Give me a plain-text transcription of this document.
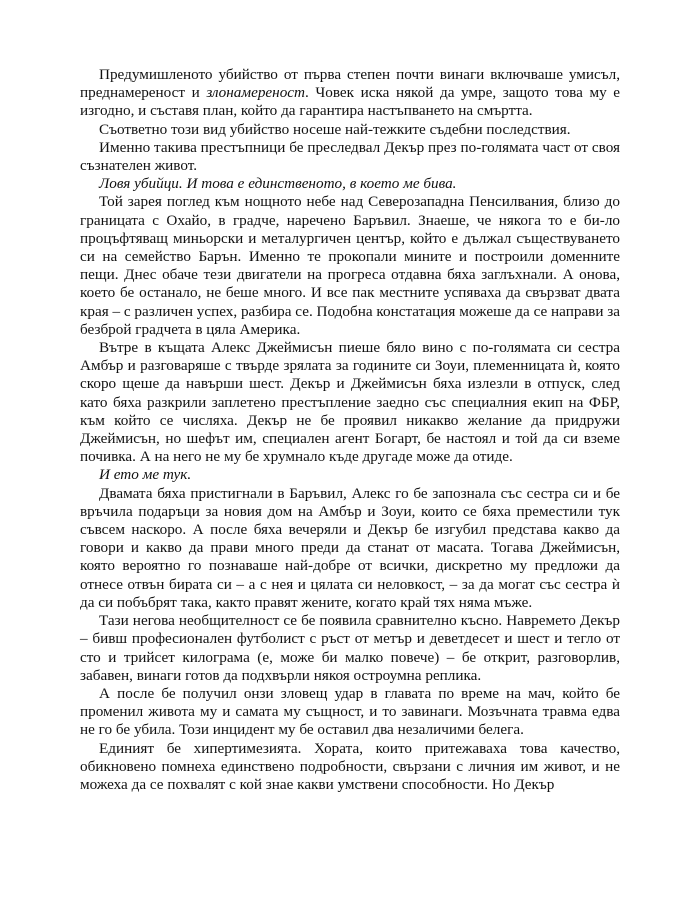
Предумишленото убийство от първа степен почти винаги включваше умисъл, преднамереност и злонамереност. Човек иска някой да умре, защото това му е изгодно, и съставя план, който да гарантира настъпването на смъртта.

Съответно този вид убийство носеше най-тежките съдебни последствия.

Именно такива престъпници бе преследвал Декър през по-голямата част от своя съзнателен живот.

Ловя убийци. И това е единственото, в което ме бива.

Той зарея поглед към нощното небе над Северозападна Пенсилвания, близо до границата с Охайо, в градче, наречено Баръвил. Знаеше, че някога то е би-ло процъфтяващ миньорски и металургичен център, който е дължал съществуването си на семейство Барън. Именно те прокопали мините и построили доменните пещи. Днес обаче тези двигатели на прогреса отдавна бяха заглъхнали. А онова, което бе останало, не беше много. И все пак местните успяваха да свързват двата края – с различен успех, разбира се. Подобна констатация можеше да се направи за безброй градчета в цяла Америка.

Вътре в къщата Алекс Джеймисън пиеше бяло вино с по-голямата си сестра Амбър и разговаряше с твърде зрялата за годините си Зоуи, племенницата ѝ, която скоро щеше да навърши шест. Декър и Джеймисън бяха излезли в отпуск, след като бяха разкрили заплетено престъпление заедно със специалния екип на ФБР, към който се числяха. Декър не бе проявил никакво желание да придружи Джеймисън, но шефът им, специален агент Богарт, бе настоял и той да си вземе почивка. А на него не му бе хрумнало къде другаде може да отиде.

И ето ме тук.

Двамата бяха пристигнали в Баръвил, Алекс го бе запознала със сестра си и бе връчила подаръци за новия дом на Амбър и Зоуи, които се бяха преместили тук съвсем наскоро. А после бяха вечеряли и Декър бе изгубил представа какво да говори и какво да прави много преди да станат от масата. Тогава Джеймисън, която вероятно го познаваше най-добре от всички, дискретно му предложи да отнесе отвън бирата си – а с нея и цялата си неловкост, – за да могат със сестра ѝ да си побъбрят така, както правят жените, когато край тях няма мъже.

Тази негова необщителност се бе появила сравнително късно. Навремето Декър – бивш професионален футболист с ръст от метър и деветдесет и шест и тегло от сто и трийсет килограма (е, може би малко повече) – бе открит, разговорлив, забавен, винаги готов да подхвърли някоя остроумна реплика.

А после бе получил онзи зловещ удар в главата по време на мач, който бе променил живота му и самата му същност, и то завинаги. Мозъчната травма едва не го бе убила. Този инцидент му бе оставил два незаличими белега.

Единият бе хипертимезията. Хората, които притежаваха това качество, обикновено помнеха единствено подробности, свързани с личния им живот, и не можеха да се похвалят с кой знае какви умствени способности. Но Декър
